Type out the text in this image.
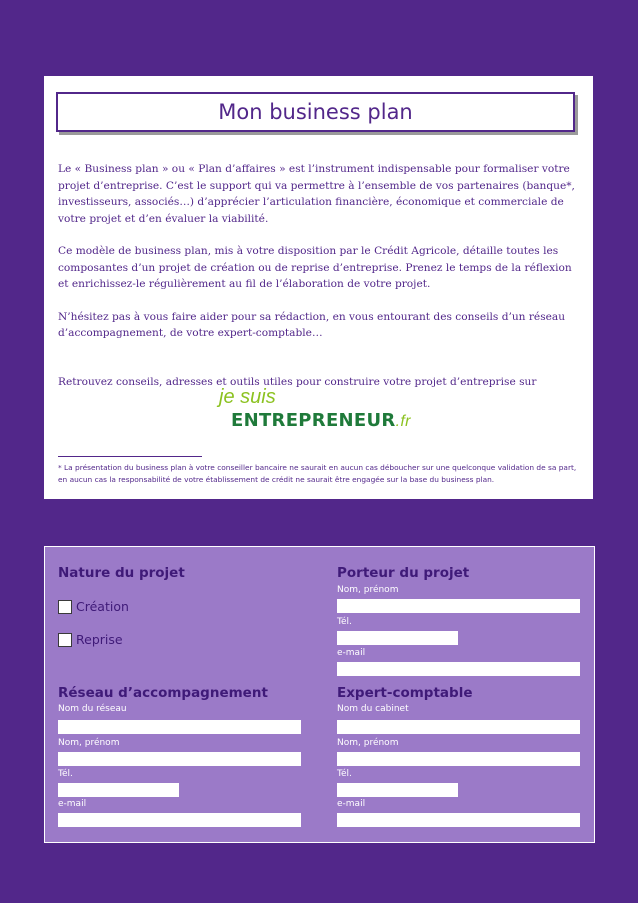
Mon business plan

Le « Business plan » ou « Plan d’affaires » est l’instrument indispensable pour formaliser votre projet d’entreprise. C’est le support qui va permettre à l’ensemble de vos partenaires (banque*, investisseurs, associés…) d’apprécier l’articulation financière, économique et commerciale de votre projet et d’en évaluer la viabilité.

Ce modèle de business plan, mis à votre disposition par le Crédit Agricole, détaille toutes les composantes d’un projet de création ou de reprise d’entreprise. Prenez le temps de la réflexion et enrichissez-le régulièrement au fil de l’élaboration de votre projet.

N’hésitez pas à vous faire aider pour sa rédaction, en vous entourant des conseils d’un réseau d’accompagnement, de votre expert-comptable…

Retrouvez conseils, adresses et outils utiles pour construire votre projet d’entreprise sur

je suis
ENTREPRENEUR.fr
* La présentation du business plan à votre conseiller bancaire ne saurait en aucun cas déboucher sur une quelconque validation de sa part, en aucun cas la responsabilité de votre établissement de crédit ne saurait être engagée sur la base du business plan.
Nature du projet
Création
Reprise
Réseau d’accompagnement
Nom du réseau
Nom, prénom
Tél.
e-mail
Porteur du projet
Nom, prénom
Tél.
e-mail
Expert-comptable
Nom du cabinet
Nom, prénom
Tél.
e-mail
